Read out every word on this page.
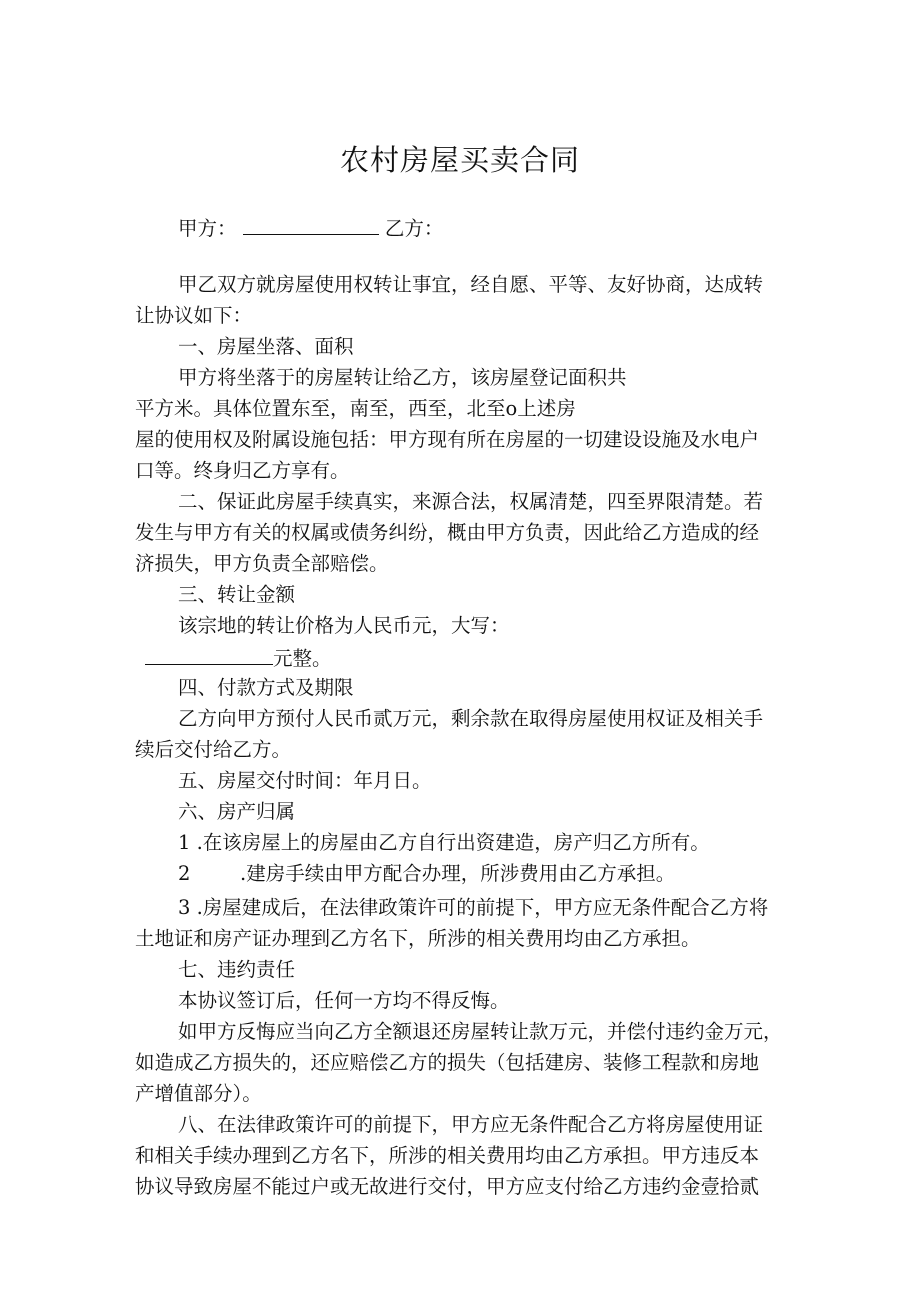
农村房屋买卖合同
甲方：	乙方：
甲乙双方就房屋使用权转让事宜，经自愿、平等、友好协商，达成转
让协议如下：
一、房屋坐落、面积
甲方将坐落于的房屋转让给乙方，该房屋登记面积共
平方米。具体位置东至，南至，西至，北至o上述房
屋的使用权及附属设施包括：甲方现有所在房屋的一切建设设施及水电户
口等。终身归乙方享有。
二、保证此房屋手续真实，来源合法，权属清楚，四至界限清楚。若
发生与甲方有关的权属或债务纠纷，概由甲方负责，因此给乙方造成的经
济损失，甲方负责全部赔偿。
三、转让金额
该宗地的转让价格为人民币元，大写：
元整。
四、付款方式及期限
乙方向甲方预付人民币贰万元，剩余款在取得房屋使用权证及相关手
续后交付给乙方。
五、房屋交付时间：年月日。
六、房产归属
1 .在该房屋上的房屋由乙方自行出资建造，房产归乙方所有。
2        .建房手续由甲方配合办理，所涉费用由乙方承担。
3 .房屋建成后，在法律政策许可的前提下，甲方应无条件配合乙方将
土地证和房产证办理到乙方名下，所涉的相关费用均由乙方承担。
七、违约责任
本协议签订后，任何一方均不得反悔。
如甲方反悔应当向乙方全额退还房屋转让款万元，并偿付违约金万元，
如造成乙方损失的，还应赔偿乙方的损失（包括建房、装修工程款和房地
产增值部分）。
八、在法律政策许可的前提下，甲方应无条件配合乙方将房屋使用证
和相关手续办理到乙方名下，所涉的相关费用均由乙方承担。甲方违反本
协议导致房屋不能过户或无故进行交付，甲方应支付给乙方违约金壹拾贰
